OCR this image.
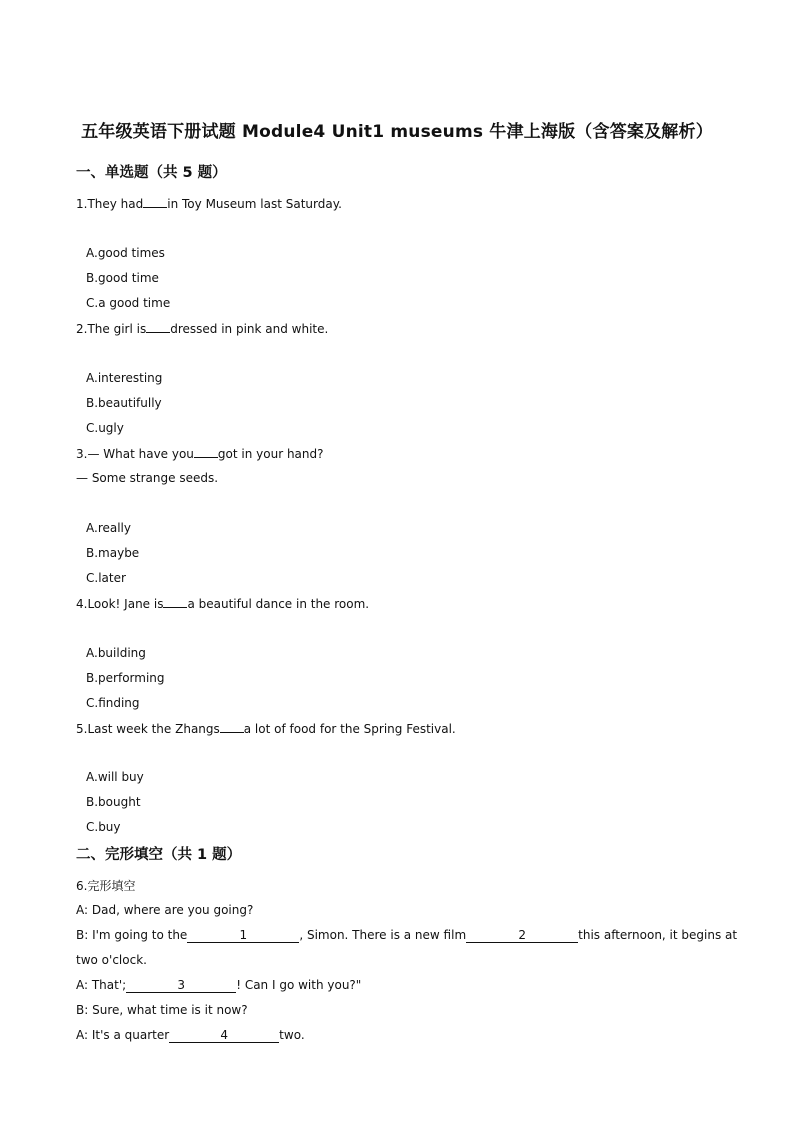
五年级英语下册试题 Module4 Unit1 museums 牛津上海版（含答案及解析）
一、单选题（共 5 题）
1.They had in Toy Museum last Saturday.
A.good times
B.good time
C.a good time
2.The girl is dressed in pink and white.
A.interesting
B.beautifully
C.ugly
3.— What have you got in your hand?
— Some strange seeds.
A.really
B.maybe
C.later
4.Look! Jane is a beautiful dance in the room.
A.building
B.performing
C.finding
5.Last week the Zhangs a lot of food for the Spring Festival.
A.will buy
B.bought
C.buy
二、完形填空（共 1 题）
6.完形填空
A: Dad, where are you going?
B: I'm going to the	1	, Simon. There is a new film	2	this afternoon, it begins at
two o'clock.
A: That';	3	! Can I go with you?"
B: Sure, what time is it now?
A: It's a quarter	4	two.
